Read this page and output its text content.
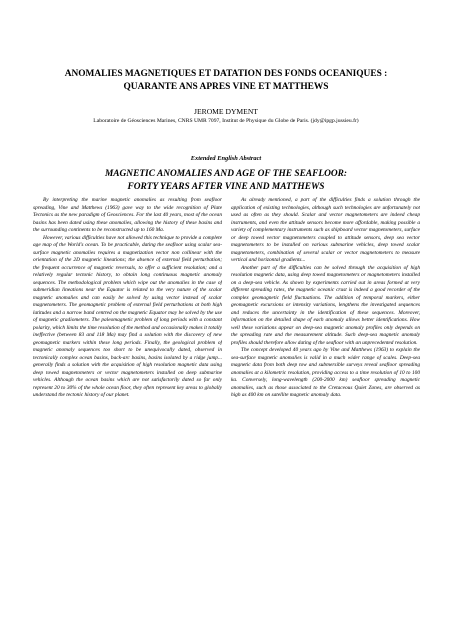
ANOMALIES MAGNETIQUES ET DATATION DES FONDS OCEANIQUES :
QUARANTE ANS APRES VINE ET MATTHEWS
JEROME DYMENT
Laboratoire de Géosciences Marines, CNRS UMR 7097, Institut de Physique du Globe de Paris. (jdy@ipgp.jussieu.fr)
Extended English Abstract
MAGNETIC ANOMALIES AND AGE OF THE SEAFLOOR:
FORTY YEARS AFTER VINE AND MATTHEWS

By interpreting the marine magnetic anomalies as resulting from seafloor spreading, Vine and Matthews (1963) gave way to the wide recognition of Plate Tectonics as the new paradigm of Geosciences. For the last 40 years, most of the ocean basins has been dated using these anomalies, allowing the history of these basins and the surrounding continents to be reconstructed up to 160 Ma.

However, various difficulties have not allowed this technique to provide a complete age map of the World's ocean. To be practicable, dating the seafloor using scalar sea-surface magnetic anomalies requires a magnetization vector non collinear with the orientation of the 2D magnetic lineations; the absence of external field perturbation; the frequent occurrence of magnetic reversals, to offer a sufficient resolution; and a relatively regular tectonic history, to obtain long continuous magnetic anomaly sequences. The methodological problem which wipe out the anomalies in the case of submeridian lineations near the Equator is related to the very nature of the scalar magnetic anomalies and can easily be solved by using vector instead of scalar magnetometers. The geomagnetic problem of external field perturbations at both high latitudes and a narrow band centred on the magnetic Equator may be solved by the use of magnetic gradiometers. The paleomagnetic problem of long periods with a constant polarity, which limits the time resolution of the method and occasionally makes it totally ineffective (between 83 and 118 Ma) may find a solution with the discovery of new geomagnetic markers within these long periods. Finally, the geological problem of magnetic anomaly sequences too short to be unequivocally dated, observed in tectonically complex ocean basins, back-arc basins, basins isolated by a ridge jump... generally finds a solution with the acquisition of high resolution magnetic data using deep towed magnetometers or vector magnetometers installed on deep submarine vehicles. Although the ocean basins which are not satisfactorily dated so far only represent 20 to 30% of the whole ocean floor, they often represent key areas to globally understand the tectonic history of our planet.

As already mentioned, a part of the difficulties finds a solution through the application of existing technologies, although such technologies are unfortunately not used as often as they should. Scalar and vector magnetometers are indeed cheap instruments, and even the attitude sensors become more affordable, making possible a variety of complementary instruments such as shipboard vector magnetometers, surface or deep towed vector magnetometers coupled to attitude sensors, deep sea vector magnetometers to be installed on various submarine vehicles, deep towed scalar magnetometers, combination of several scalar or vector magnetometers to measure vertical and horizontal gradients...

Another part of the difficulties can be solved through the acquisition of high resolution magnetic data, using deep towed magnetometers or magnetometers installed on a deep-sea vehicle. As shown by experiments carried out in areas formed at very different spreading rates, the magnetic oceanic crust is indeed a good recorder of the complex geomagnetic field fluctuations. The addition of temporal markers, either geomagnetic excursions or intensity variations, lengthens the investigated sequences and reduces the uncertainty in the identification of these sequences. Moreover, information on the detailed shape of each anomaly allows better identifications. How well these variations appear on deep-sea magnetic anomaly profiles only depends on the spreading rate and the measurement altitude. Such deep-sea magnetic anomaly profiles should therefore allow dating of the seafloor with an unprecedented resolution.

The concept developed 40 years ago by Vine and Matthews (1963) to explain the sea-surface magnetic anomalies is valid in a much wider range of scales. Deep-sea magnetic data from both deep tow and submersible surveys reveal seafloor spreading anomalies at a kilometric resolution, providing access to a time resolution of 10 to 100 ka. Conversely, long-wavelength (200-2000 km) seafloor spreading magnetic anomalies, such as those associated to the Cretaceous Quiet Zones, are observed as high as 400 km on satellite magnetic anomaly data.
